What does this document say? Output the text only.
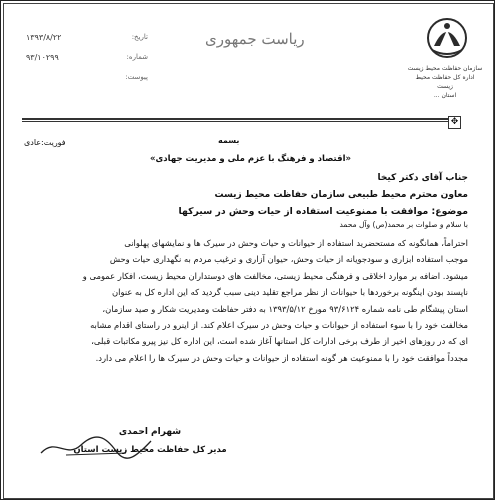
سازمان حفاظت محیط زیست
اداره کل حفاظت محیط زیست
استان ...
ریاست جمهوری
تاریخ:
۱۳۹۳/۸/۲۲
شماره:
۹۳/۱۰۲۹۹
پیوست:
✥
فوریت:عادی	بسمه
«اقتصاد و فرهنگ با عزم ملی و مدیریت جهادی»
جناب آقای دکتر کیخا
معاون محترم محیط طبیعی سازمان حفاظت محیط زیست
موضوع: موافقت با ممنوعیت استفاده از حیات وحش در سیرکها
با سلام و صلوات بر محمد(ص) وآل محمد

احتراماً، همانگونه که مستحضرید استفاده از حیوانات و حیات وحش در سیرک ها و نمایشهای پهلوانی

موجب استفاده ابزاری و سودجویانه از حیات وحش، حیوان آزاری و ترغیب مردم به نگهداری حیات وحش

میشود. اضافه بر موارد اخلاقی و فرهنگی محیط زیستی، مخالفت های دوستداران محیط زیست، افکار عمومی و

ناپسند بودن اینگونه برخوردها با حیوانات از نظر مراجع تقلید دینی سبب گردید که این اداره کل به عنوان

استان پیشگام طی نامه شماره ۹۳/۶۱۲۴ مورخ ۱۳۹۳/۵/۱۲ به دفتر حفاظت ومدیریت شکار و صید سازمان،

مخالفت خود را با سوء استفاده از حیوانات و حیات وحش در سیرک اعلام کند. از اینرو در راستای اقدام مشابه

ای که در روزهای اخیر از طرف برخی ادارات کل استانها آغاز شده است، این اداره کل نیز پیرو مکاتبات قبلی،

مجدداً موافقت خود را با ممنوعیت هر گونه استفاده از حیوانات و حیات وحش در سیرک ها را اعلام می دارد.

شهرام احمدی
مدیر کل حفاظت محیط زیست استان
